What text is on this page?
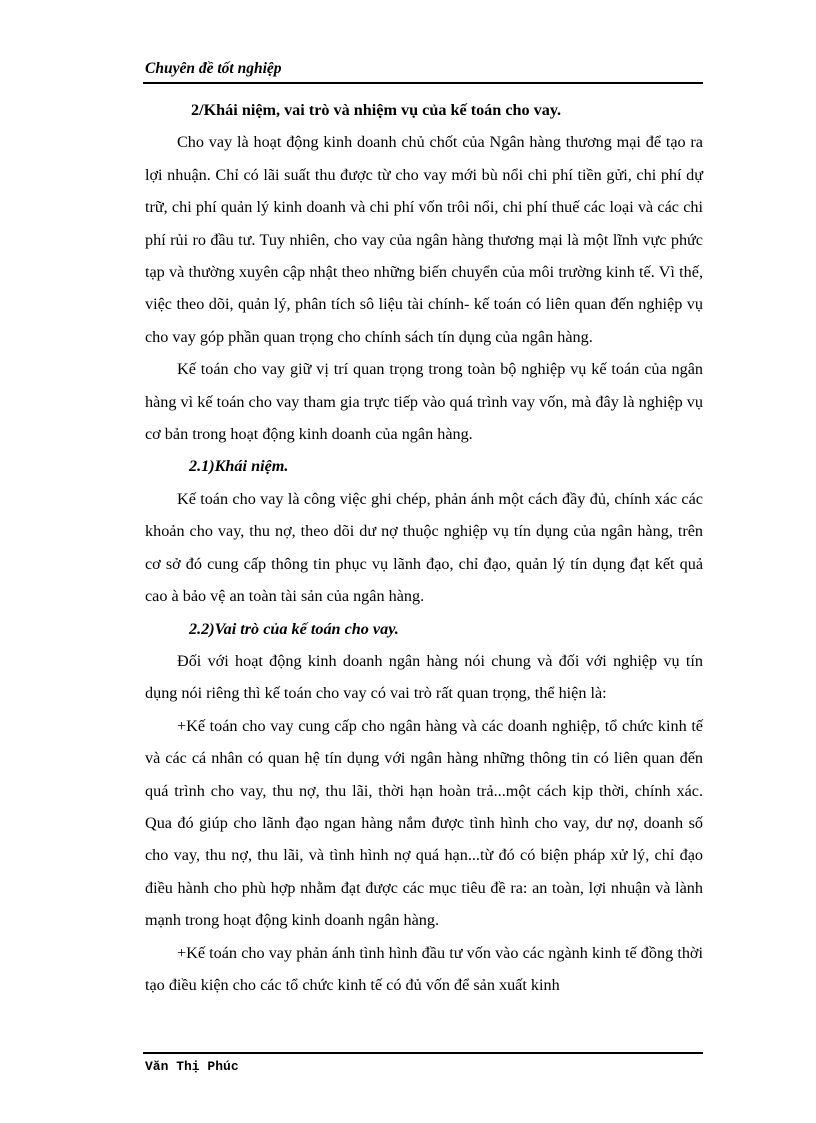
Chuyên đề tốt nghiệp

2/Khái niệm, vai trò và nhiệm vụ của kế toán cho vay.

Cho vay là hoạt động kinh doanh chủ chốt của Ngân hàng thương mại để tạo ra lợi nhuận. Chỉ có lãi suất thu được từ cho vay mới bù nổi chi phí tiền gửi, chi phí dự trữ, chi phí quản lý kinh doanh và chi phí vốn trôi nổi, chi phí thuế các loại và các chi phí rủi ro đầu tư. Tuy nhiên, cho vay của ngân hàng thương mại là một lĩnh vực phức tạp và thường xuyên cập nhật theo những biến chuyển của môi trường kinh tế. Vì thế, việc theo dõi, quản lý, phân tích sô liệu tài chính- kế toán có liên quan đến nghiệp vụ cho vay góp phần quan trọng cho chính sách tín dụng của ngân hàng.

Kế toán cho vay giữ vị trí quan trọng trong toàn bộ nghiệp vụ kế toán của ngân hàng vì kế toán cho vay tham gia trực tiếp vào quá trình vay vốn, mà đây là nghiệp vụ cơ bản trong hoạt động kinh doanh của ngân hàng.

2.1)Khái niệm.

Kế toán cho vay là công việc ghi chép, phản ánh một cách đầy đủ, chính xác các khoản cho vay, thu nợ, theo dõi dư nợ thuộc nghiệp vụ tín dụng của ngân hàng, trên cơ sở đó cung cấp thông tin phục vụ lãnh đạo, chỉ đạo, quản lý tín dụng đạt kết quả cao à bảo vệ an toàn tài sản của ngân hàng.

2.2)Vai trò của kế toán cho vay.

Đối với hoạt động kinh doanh ngân hàng nói chung và đối với nghiệp vụ tín dụng nói riêng thì kế toán cho vay có vai trò rất quan trọng, thể hiện là:

+Kế toán cho vay cung cấp cho ngân hàng và các doanh nghiệp, tổ chức kinh tế và các cá nhân có quan hệ tín dụng với ngân hàng những thông tin có liên quan đến quá trình cho vay, thu nợ, thu lãi, thời hạn hoàn trả...một cách kịp thời, chính xác. Qua đó giúp cho lãnh đạo ngan hàng nắm được tình hình cho vay, dư nợ, doanh số cho vay, thu nợ, thu lãi, và tình hình nợ quá hạn...từ đó có biện pháp xử lý, chỉ đạo điều hành cho phù hợp nhằm đạt được các mục tiêu đề ra: an toàn, lợi nhuận và lành mạnh trong hoạt động kinh doanh ngân hàng.

+Kế toán cho vay phản ánh tình hình đầu tư vốn vào các ngành kinh tế đồng thời tạo điều kiện cho các tổ chức kinh tế có đủ vốn để sản xuất kinh

Văn Thị Phúc
